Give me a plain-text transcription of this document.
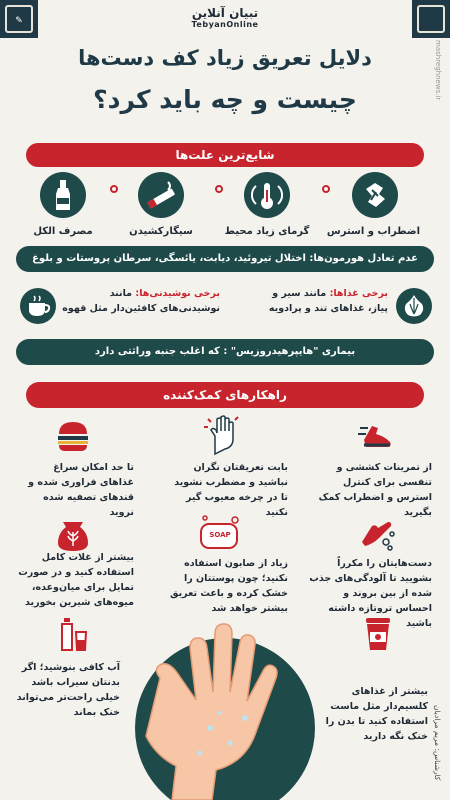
✎
تبیان آنلاین
TebyanOnline
mashreghnews.ir
دلایل تعریق زیاد کف دست‌ها
چیست و چه باید کرد؟
شایع‌ترین علت‌ها
اضطراب و استرس
گرمای زیاد محیط
سیگارکشیدن
مصرف الکل
عدم تعادل هورمون‌ها: اختلال تیروئید، دیابت، یائسگی، سرطان پروستات و بلوغ
برخی غذاها: مانند سیر و
پیاز، غذاهای تند و پرادویه
برخی نوشیدنی‌ها: مانند
نوشیدنی‌های کافئین‌دار مثل قهوه
بیماری "هایپرهیدروزیس" : که اغلب جنبه وراثتی دارد
راهکارهای کمک‌کننده
از تمرینات کششی و تنفسی برای کنترل استرس و اضطراب کمک بگیرید
بابت تعریقتان نگران نباشید و مضطرب نشوید تا در چرخه معیوب گیر نکنید
تا حد امکان سراغ غذاهای فراوری شده و قندهای تصفیه شده نروید
دست‌هایتان را مکرراً بشویید تا آلودگی‌های جذب شده از بین بروند و احساس تروتازه داشته باشید
SOAP
زیاد از صابون استفاده نکنید؛ چون پوستتان را خشک کرده و باعث تعریق بیشتر خواهد شد
بیشتر از غلات کامل استفاده کنید و در صورت تمایل برای میان‌وعده، میوه‌های شیرین بخورید
بیشتر از غذاهای کلسیم‌دار مثل ماست استفاده کنید تا بدن را خنک نگه دارید
آب کافی بنوشید؛ اگر بدنتان سیراب باشد خیلی راحت‌تر می‌تواند خنک بماند	کارشناس: مریم مرادیان
